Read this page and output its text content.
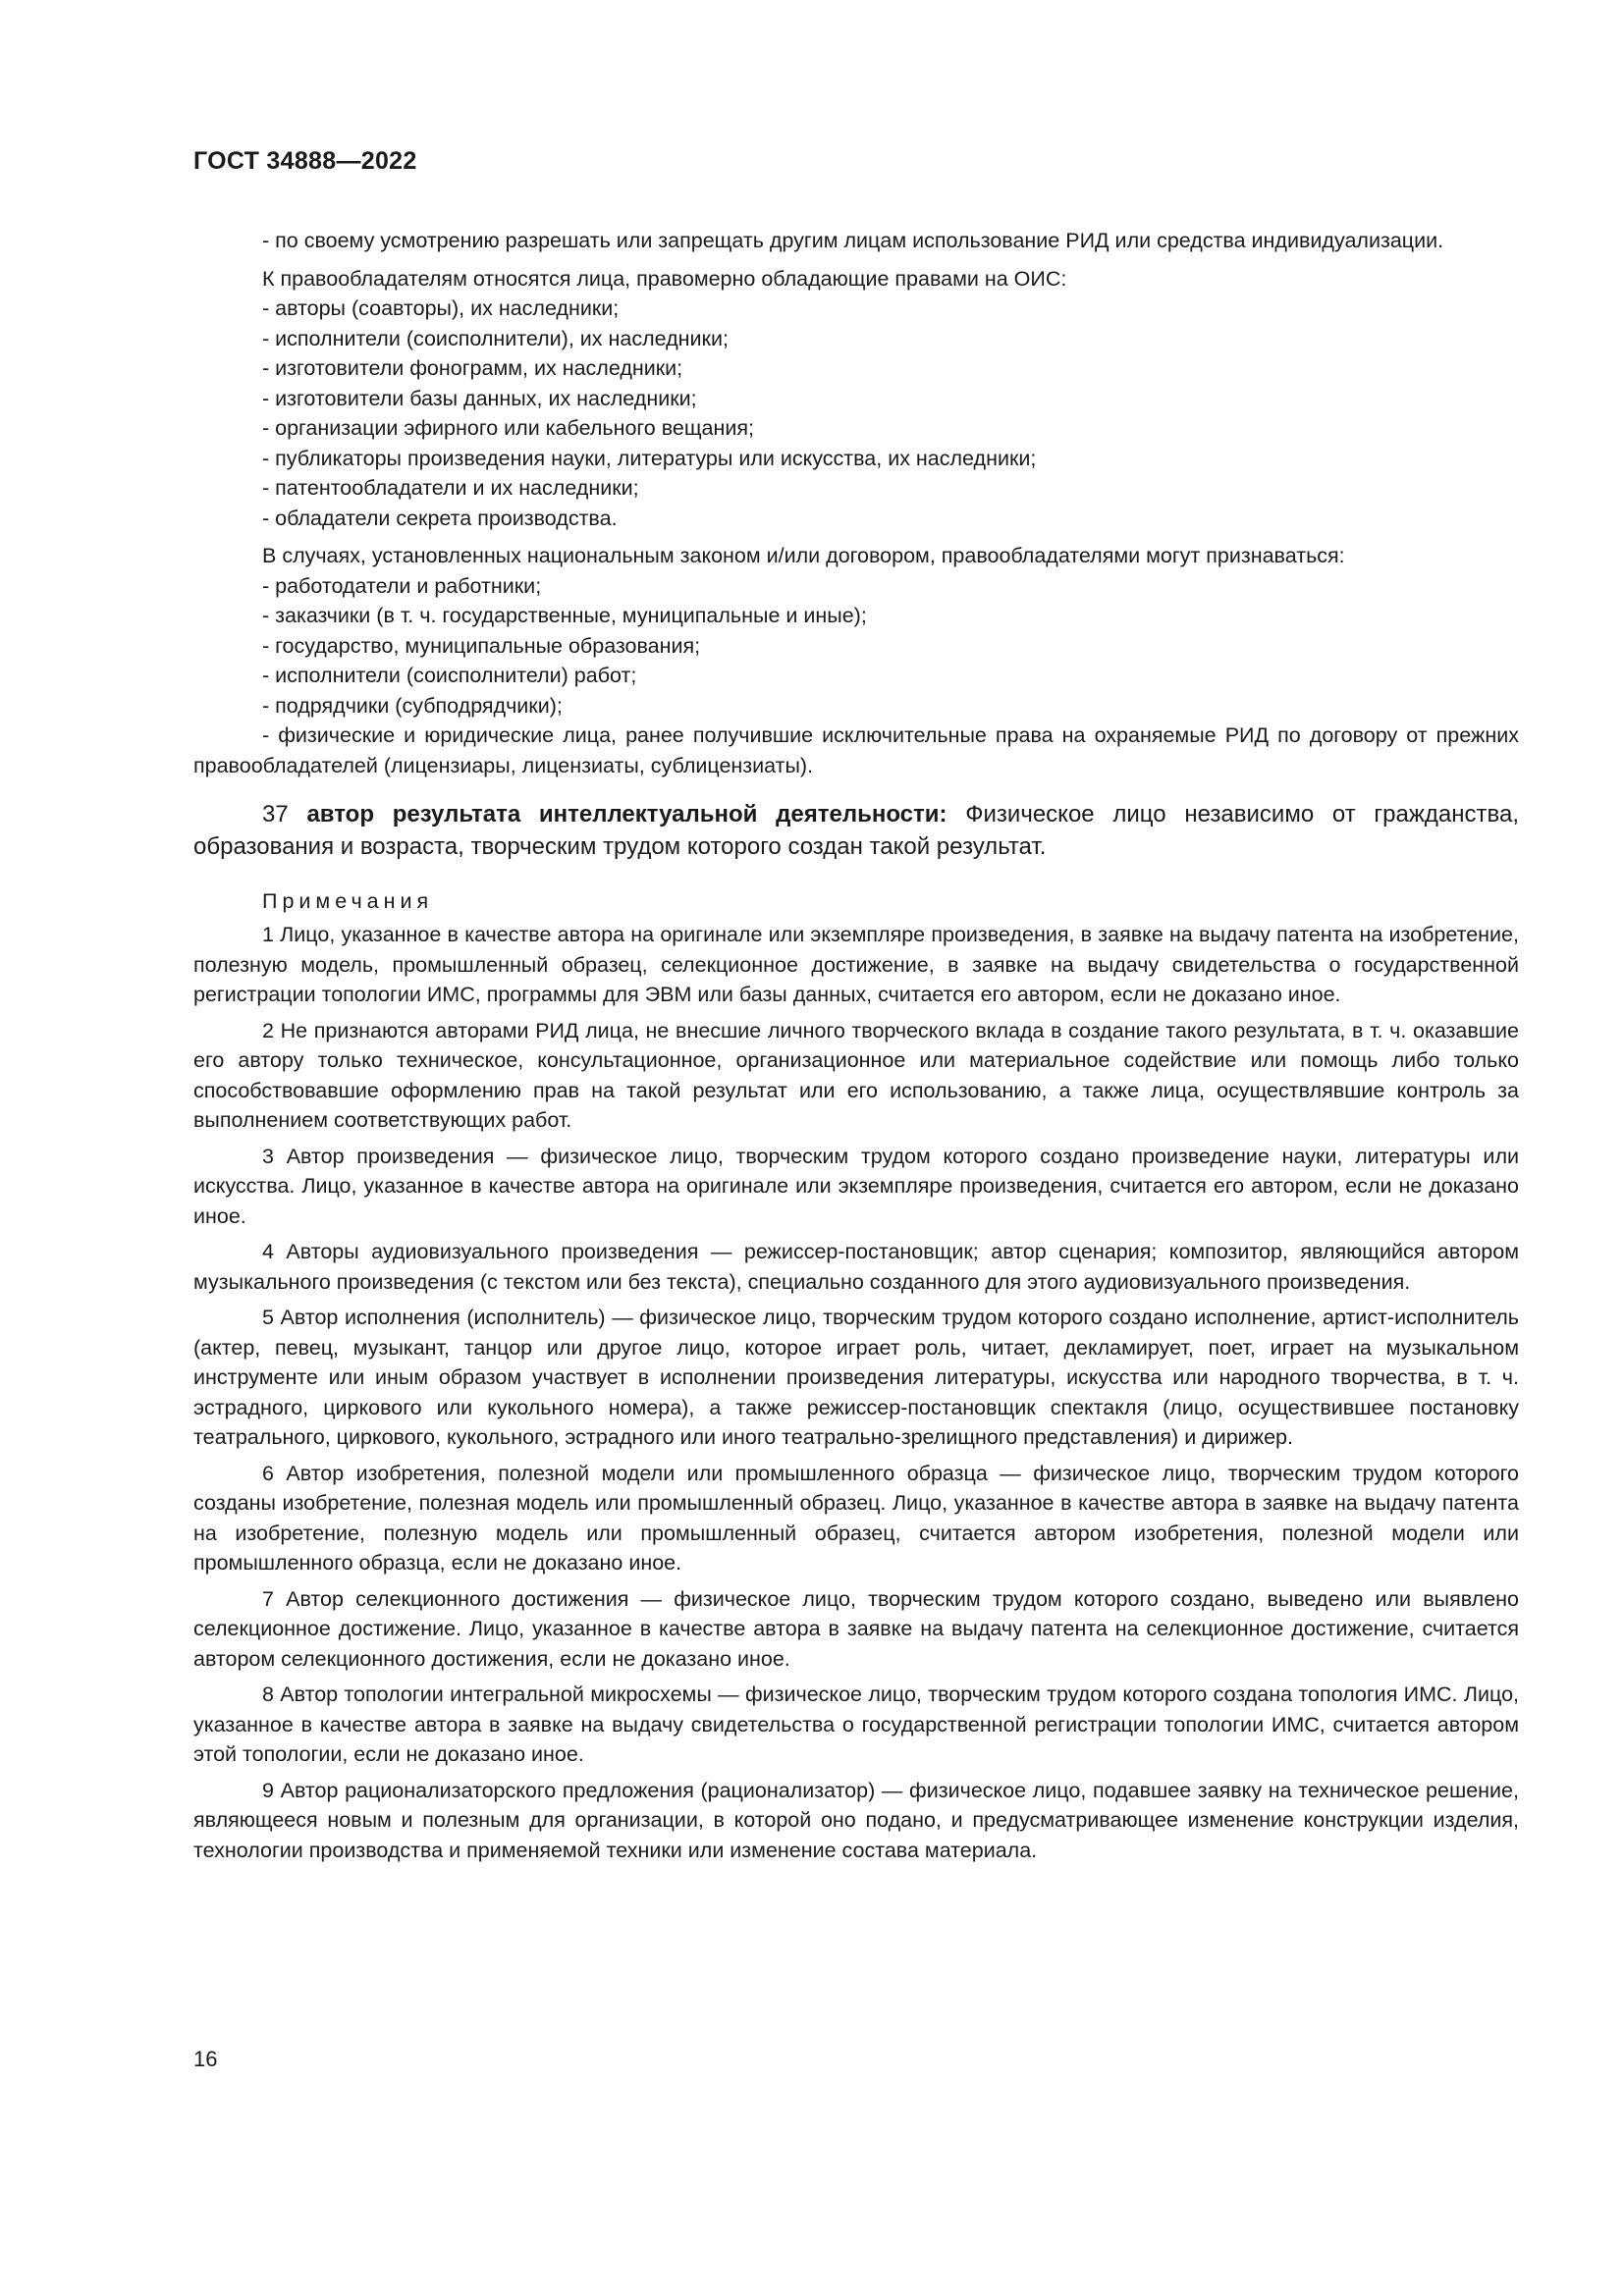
ГОСТ 34888—2022

- по своему усмотрению разрешать или запрещать другим лицам использование РИД или средства индивидуализации.

К правообладателям относятся лица, правомерно обладающие правами на ОИС:

- авторы (соавторы), их наследники;
- исполнители (соисполнители), их наследники;
- изготовители фонограмм, их наследники;
- изготовители базы данных, их наследники;
- организации эфирного или кабельного вещания;
- публикаторы произведения науки, литературы или искусства, их наследники;
- патентообладатели и их наследники;
- обладатели секрета производства.

В случаях, установленных национальным законом и/или договором, правообладателями могут признаваться:

- работодатели и работники;
- заказчики (в т. ч. государственные, муниципальные и иные);
- государство, муниципальные образования;
- исполнители (соисполнители) работ;
- подрядчики (субподрядчики);

- физические и юридические лица, ранее получившие исключительные права на охраняемые РИД по договору от прежних правообладателей (лицензиары, лицензиаты, сублицензиаты).

37 автор результата интеллектуальной деятельности: Физическое лицо независимо от гражданства, образования и возраста, творческим трудом которого создан такой результат.

Примечания

1 Лицо, указанное в качестве автора на оригинале или экземпляре произведения, в заявке на выдачу патента на изобретение, полезную модель, промышленный образец, селекционное достижение, в заявке на выдачу свидетельства о государственной регистрации топологии ИМС, программы для ЭВМ или базы данных, считается его автором, если не доказано иное.

2 Не признаются авторами РИД лица, не внесшие личного творческого вклада в создание такого результата, в т. ч. оказавшие его автору только техническое, консультационное, организационное или материальное содействие или помощь либо только способствовавшие оформлению прав на такой результат или его использованию, а также лица, осуществлявшие контроль за выполнением соответствующих работ.

3 Автор произведения — физическое лицо, творческим трудом которого создано произведение науки, литературы или искусства. Лицо, указанное в качестве автора на оригинале или экземпляре произведения, считается его автором, если не доказано иное.

4 Авторы аудиовизуального произведения — режиссер-постановщик; автор сценария; композитор, являющийся автором музыкального произведения (с текстом или без текста), специально созданного для этого аудиовизуального произведения.

5 Автор исполнения (исполнитель) — физическое лицо, творческим трудом которого создано исполнение, артист-исполнитель (актер, певец, музыкант, танцор или другое лицо, которое играет роль, читает, декламирует, поет, играет на музыкальном инструменте или иным образом участвует в исполнении произведения литературы, искусства или народного творчества, в т. ч. эстрадного, циркового или кукольного номера), а также режиссер-постановщик спектакля (лицо, осуществившее постановку театрального, циркового, кукольного, эстрадного или иного театрально-зрелищного представления) и дирижер.

6 Автор изобретения, полезной модели или промышленного образца — физическое лицо, творческим трудом которого созданы изобретение, полезная модель или промышленный образец. Лицо, указанное в качестве автора в заявке на выдачу патента на изобретение, полезную модель или промышленный образец, считается автором изобретения, полезной модели или промышленного образца, если не доказано иное.

7 Автор селекционного достижения — физическое лицо, творческим трудом которого создано, выведено или выявлено селекционное достижение. Лицо, указанное в качестве автора в заявке на выдачу патента на селекционное достижение, считается автором селекционного достижения, если не доказано иное.

8 Автор топологии интегральной микросхемы — физическое лицо, творческим трудом которого создана топология ИМС. Лицо, указанное в качестве автора в заявке на выдачу свидетельства о государственной регистрации топологии ИМС, считается автором этой топологии, если не доказано иное.

9 Автор рационализаторского предложения (рационализатор) — физическое лицо, подавшее заявку на техническое решение, являющееся новым и полезным для организации, в которой оно подано, и предусматривающее изменение конструкции изделия, технологии производства и применяемой техники или изменение состава материала.

16
